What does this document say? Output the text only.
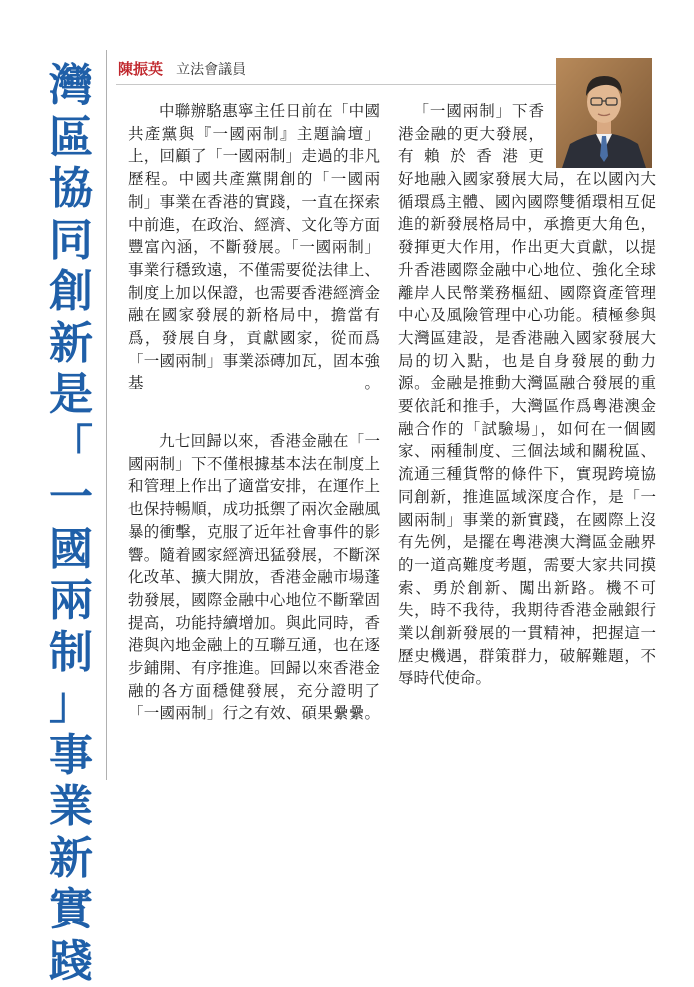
灣
區
協
同
創
新
是
「
一
國
兩
制
」
事
業
新
實
踐
陳振英 立法會議員

中聯辦駱惠寧主任日前在「中國共產黨與『一國兩制』主題論壇」上，回顧了「一國兩制」走過的非凡歷程。中國共產黨開創的「一國兩制」事業在香港的實踐，一直在探索中前進，在政治、經濟、文化等方面豐富內涵，不斷發展。「一國兩制」事業行穩致遠，不僅需要從法律上、制度上加以保證，也需要香港經濟金融在國家發展的新格局中，擔當有爲，發展自身，貢獻國家，從而爲「一國兩制」事業添磚加瓦，固本強基。

九七回歸以來，香港金融在「一國兩制」下不僅根據基本法在制度上和管理上作出了適當安排，在運作上也保持暢順，成功抵禦了兩次金融風暴的衝擊，克服了近年社會事件的影響。隨着國家經濟迅猛發展，不斷深化改革、擴大開放，香港金融市場蓬勃發展，國際金融中心地位不斷鞏固提高，功能持續增加。與此同時，香港與內地金融上的互聯互通，也在逐步鋪開、有序推進。回歸以來香港金融的各方面穩健發展，充分證明了「一國兩制」行之有效、碩果纍纍。

「一國兩制」下香港金融的更大發展，有賴於香港更

好地融入國家發展大局，在以國內大循環爲主體、國內國際雙循環相互促進的新發展格局中，承擔更大角色，發揮更大作用，作出更大貢獻，以提升香港國際金融中心地位、強化全球離岸人民幣業務樞紐、國際資產管理中心及風險管理中心功能。積極參與大灣區建設，是香港融入國家發展大局的切入點，也是自身發展的動力源。金融是推動大灣區融合發展的重要依託和推手，大灣區作爲粵港澳金融合作的「試驗場」，如何在一個國家、兩種制度、三個法域和關稅區、流通三種貨幣的條件下，實現跨境協同創新，推進區域深度合作，是「一國兩制」事業的新實踐，在國際上沒有先例，是擺在粵港澳大灣區金融界的一道高難度考題，需要大家共同摸索、勇於創新、闖出新路。機不可失，時不我待，我期待香港金融銀行業以創新發展的一貫精神，把握這一歷史機遇，群策群力，破解難題，不辱時代使命。
